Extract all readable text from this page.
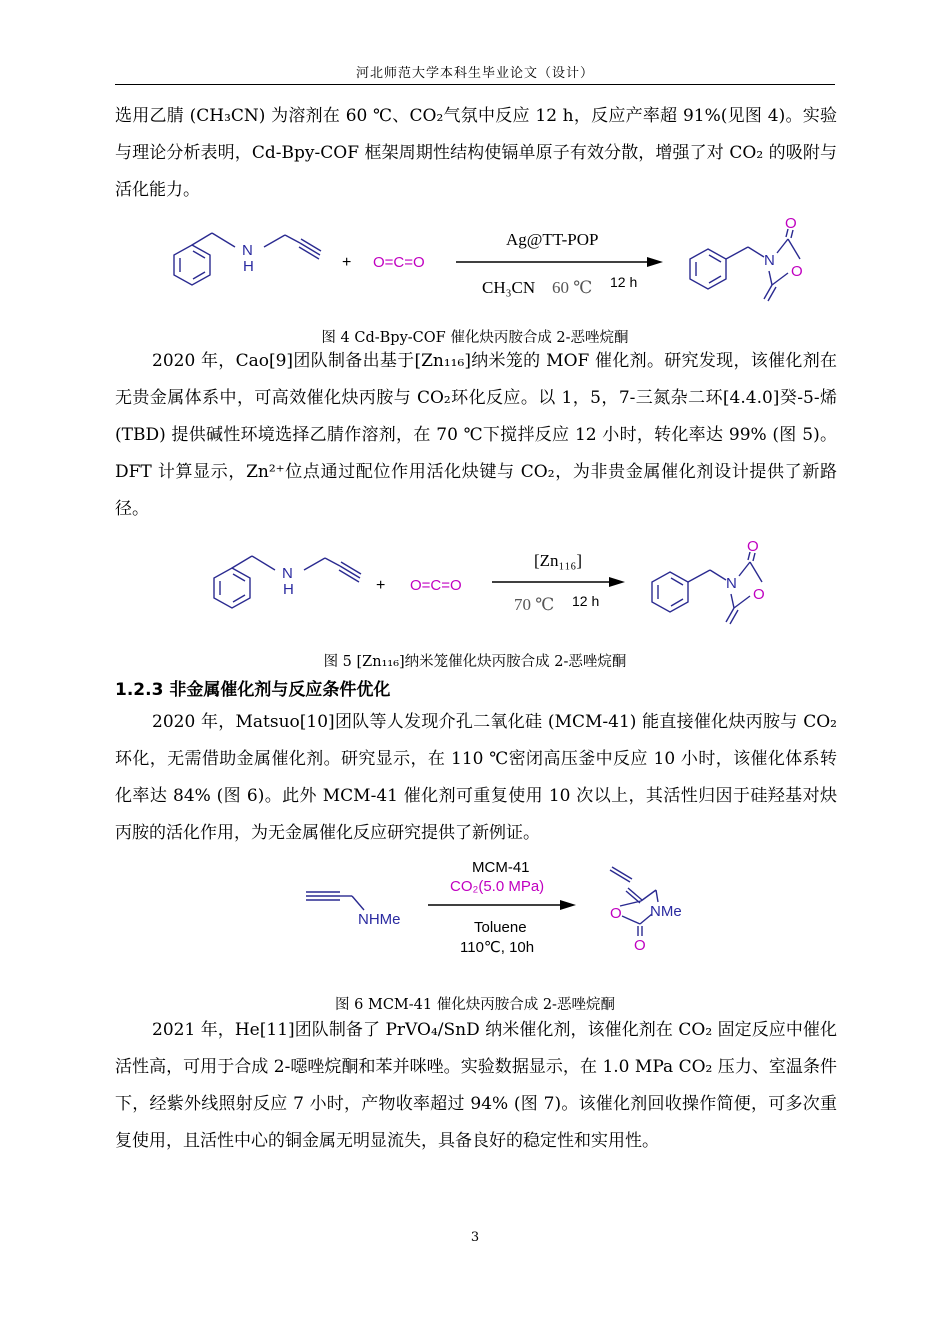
河北师范大学本科生毕业论文（设计）
选用乙腈 (CH₃CN) 为溶剂在 60 ℃、CO₂气氛中反应 12 h，反应产率超 91%(见图 4)。实验与理论分析表明，Cd-Bpy-COF 框架周期性结构使镉单原子有效分散，增强了对 CO₂ 的吸附与活化能力。
N
H	+ O=C=O
Ag@TT-POP
CH₃CN 60 ℃ 12 h
N
O
O
图 4 Cd-Bpy-COF 催化炔丙胺合成 2-恶唑烷酮
2020 年，Cao[9]团队制备出基于[Zn₁₁₆]纳米笼的 MOF 催化剂。研究发现，该催化剂在无贵金属体系中，可高效催化炔丙胺与 CO₂环化反应。以 1，5，7-三氮杂二环[4.4.0]癸-5-烯 (TBD) 提供碱性环境选择乙腈作溶剂，在 70 ℃下搅拌反应 12 小时，转化率达 99% (图 5)。DFT 计算显示，Zn²⁺位点通过配位作用活化炔键与 CO₂，为非贵金属催化剂设计提供了新路径。
N
H	+ O=C=O
[Zn₁₁₆]
70 ℃ 12 h
N
O
O
图 5 [Zn₁₁₆]纳米笼催化炔丙胺合成 2-恶唑烷酮
1.2.3 非金属催化剂与反应条件优化
2020 年，Matsuo[10]团队等人发现介孔二氧化硅 (MCM-41) 能直接催化炔丙胺与 CO₂ 环化，无需借助金属催化剂。研究显示，在 110 ℃密闭高压釜中反应 10 小时，该催化体系转化率达 84% (图 6)。此外 MCM-41 催化剂可重复使用 10 次以上，其活性归因于硅羟基对炔丙胺的活化作用，为无金属催化反应研究提供了新例证。
NHMe
MCM-41
CO₂(5.0 MPa)
Toluene
110℃, 10h
O NMe
O
图 6 MCM-41 催化炔丙胺合成 2-恶唑烷酮
2021 年，He[11]团队制备了 PrVO₄/SnD 纳米催化剂，该催化剂在 CO₂ 固定反应中催化活性高，可用于合成 2-噁唑烷酮和苯并咪唑。实验数据显示，在 1.0 MPa CO₂ 压力、室温条件下，经紫外线照射反应 7 小时，产物收率超过 94% (图 7)。该催化剂回收操作简便，可多次重复使用，且活性中心的铜金属无明显流失，具备良好的稳定性和实用性。
3
